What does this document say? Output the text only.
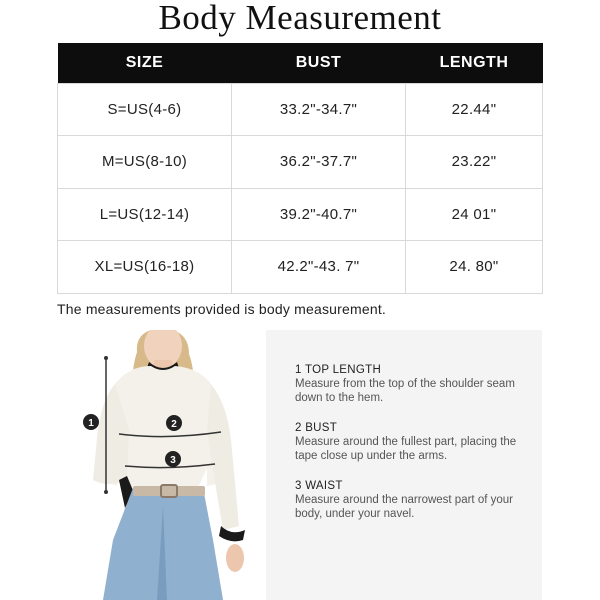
Body Measurement
SIZE	BUST	LENGTH
S=US(4-6)	33.2"-34.7"	22.44"
M=US(8-10)	36.2"-37.7"	23.22"
L=US(12-14)	39.2"-40.7"	24 01"
XL=US(16-18)	42.2"-43. 7"	24. 80"
The measurements provided is body measurement.
1	2
3
1 TOP LENGTH
Measure from the top of the shoulder seam down to the hem.
2 BUST
Measure around the fullest part, placing the tape close up under the arms.
3 WAIST
Measure around the narrowest part of your body, under your navel.
